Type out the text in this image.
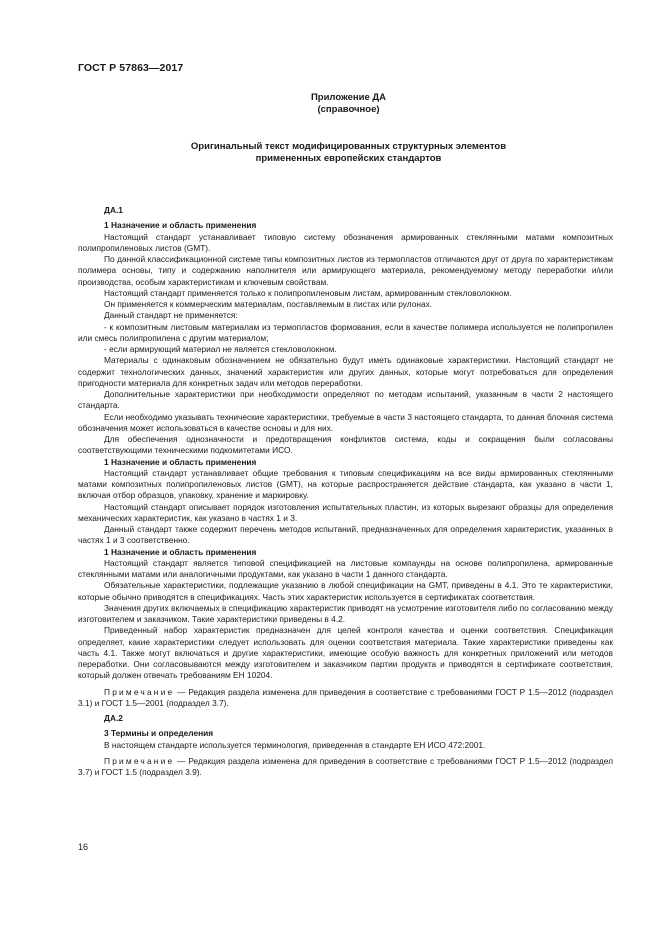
ГОСТ Р 57863—2017
Приложение ДА
(справочное)
Оригинальный текст модифицированных структурных элементов
примененных европейских стандартов

ДА.1

1 Назначение и область применения

Настоящий стандарт устанавливает типовую систему обозначения армированных стеклянными матами композитных полипропиленовых листов (GMT).

По данной классификационной системе типы композитных листов из термопластов отличаются друг от друга по характеристикам полимера основы, типу и содержанию наполнителя или армирующего материала, рекомендуемому методу переработки и/или производства, особым характеристикам и ключевым свойствам.

Настоящий стандарт применяется только к полипропиленовым листам, армированным стекловолокном.

Он применяется к коммерческим материалам, поставляемым в листах или рулонах.

Данный стандарт не применяется:

- к композитным листовым материалам из термопластов формования, если в качестве полимера используется не полипропилен или смесь полипропилена с другим материалом;

- если армирующий материал не является стекловолокном.

Материалы с одинаковым обозначением не обязательно будут иметь одинаковые характеристики. Настоящий стандарт не содержит технологических данных, значений характеристик или других данных, которые могут потребоваться для определения пригодности материала для конкретных задач или методов переработки.

Дополнительные характеристики при необходимости определяют по методам испытаний, указанным в части 2 настоящего стандарта.

Если необходимо указывать технические характеристики, требуемые в части 3 настоящего стандарта, то данная блочная система обозначения может использоваться в качестве основы и для них.

Для обеспечения однозначности и предотвращения конфликтов система, коды и сокращения были согласованы соответствующими техническими подкомитетами ИСО.

1 Назначение и область применения

Настоящий стандарт устанавливает общие требования к типовым спецификациям на все виды армированных стеклянными матами композитных полипропиленовых листов (GMT), на которые распространяется действие стандарта, как указано в части 1, включая отбор образцов, упаковку, хранение и маркировку.

Настоящий стандарт описывает порядок изготовления испытательных пластин, из которых вырезают образцы для определения механических характеристик, как указано в частях 1 и 3.

Данный стандарт также содержит перечень методов испытаний, предназначенных для определения характеристик, указанных в частях 1 и 3 соответственно.

1 Назначение и область применения

Настоящий стандарт является типовой спецификацией на листовые компаунды на основе полипропилена, армированные стеклянными матами или аналогичными продуктами, как указано в части 1 данного стандарта.

Обязательные характеристики, подлежащие указанию в любой спецификации на GMT, приведены в 4.1. Это те характеристики, которые обычно приводятся в спецификациях. Часть этих характеристик используется в сертификатах соответствия.

Значения других включаемых в спецификацию характеристик приводят на усмотрение изготовителя либо по согласованию между изготовителем и заказчиком. Такие характеристики приведены в 4.2.

Приведенный набор характеристик предназначен для целей контроля качества и оценки соответствия. Спецификация определяет, какие характеристики следует использовать для оценки соответствия материала. Такие характеристики приведены как часть 4.1. Также могут включаться и другие характеристики, имеющие особую важность для конкретных приложений или методов переработки. Они согласовываются между изготовителем и заказчиком партии продукта и приводятся в сертификате соответствия, который должен отвечать требованиям ЕН 10204.

Примечание — Редакция раздела изменена для приведения в соответствие с требованиями ГОСТ Р 1.5—2012 (подраздел 3.1) и ГОСТ 1.5—2001 (подраздел 3.7).

ДА.2

3 Термины и определения

В настоящем стандарте используется терминология, приведенная в стандарте ЕН ИСО 472:2001.

Примечание — Редакция раздела изменена для приведения в соответствие с требованиями ГОСТ Р 1.5—2012 (подраздел 3.7) и ГОСТ 1.5 (подраздел 3.9).

16
